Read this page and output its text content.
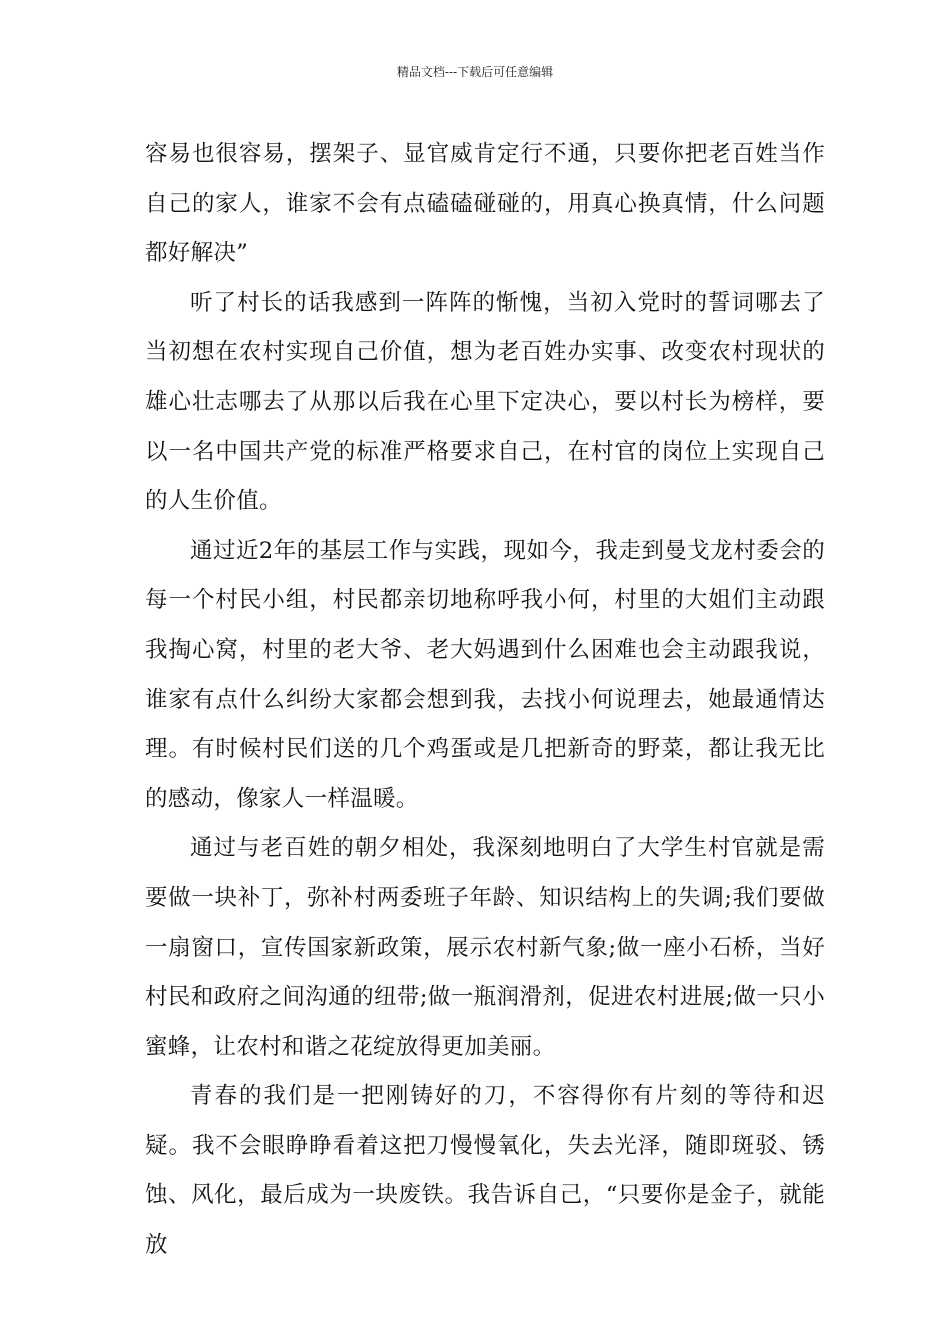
精品文档---下载后可任意编辑

容易也很容易，摆架子、显官威肯定行不通，只要你把老百姓当作自己的家人，谁家不会有点磕磕碰碰的，用真心换真情，什么问题都好解决”

听了村长的话我感到一阵阵的惭愧，当初入党时的誓词哪去了当初想在农村实现自己价值，想为老百姓办实事、改变农村现状的雄心壮志哪去了从那以后我在心里下定决心，要以村长为榜样，要以一名中国共产党的标准严格要求自己，在村官的岗位上实现自己的人生价值。

通过近2年的基层工作与实践，现如今，我走到曼戈龙村委会的每一个村民小组，村民都亲切地称呼我小何，村里的大姐们主动跟我掏心窝，村里的老大爷、老大妈遇到什么困难也会主动跟我说，谁家有点什么纠纷大家都会想到我，去找小何说理去，她最通情达理。有时候村民们送的几个鸡蛋或是几把新奇的野菜，都让我无比的感动，像家人一样温暖。

通过与老百姓的朝夕相处，我深刻地明白了大学生村官就是需要做一块补丁，弥补村两委班子年龄、知识结构上的失调;我们要做一扇窗口，宣传国家新政策，展示农村新气象;做一座小石桥，当好村民和政府之间沟通的纽带;做一瓶润滑剂，促进农村进展;做一只小蜜蜂，让农村和谐之花绽放得更加美丽。

青春的我们是一把刚铸好的刀，不容得你有片刻的等待和迟疑。我不会眼睁睁看着这把刀慢慢氧化，失去光泽，随即斑驳、锈蚀、风化，最后成为一块废铁。我告诉自己，“只要你是金子，就能放
